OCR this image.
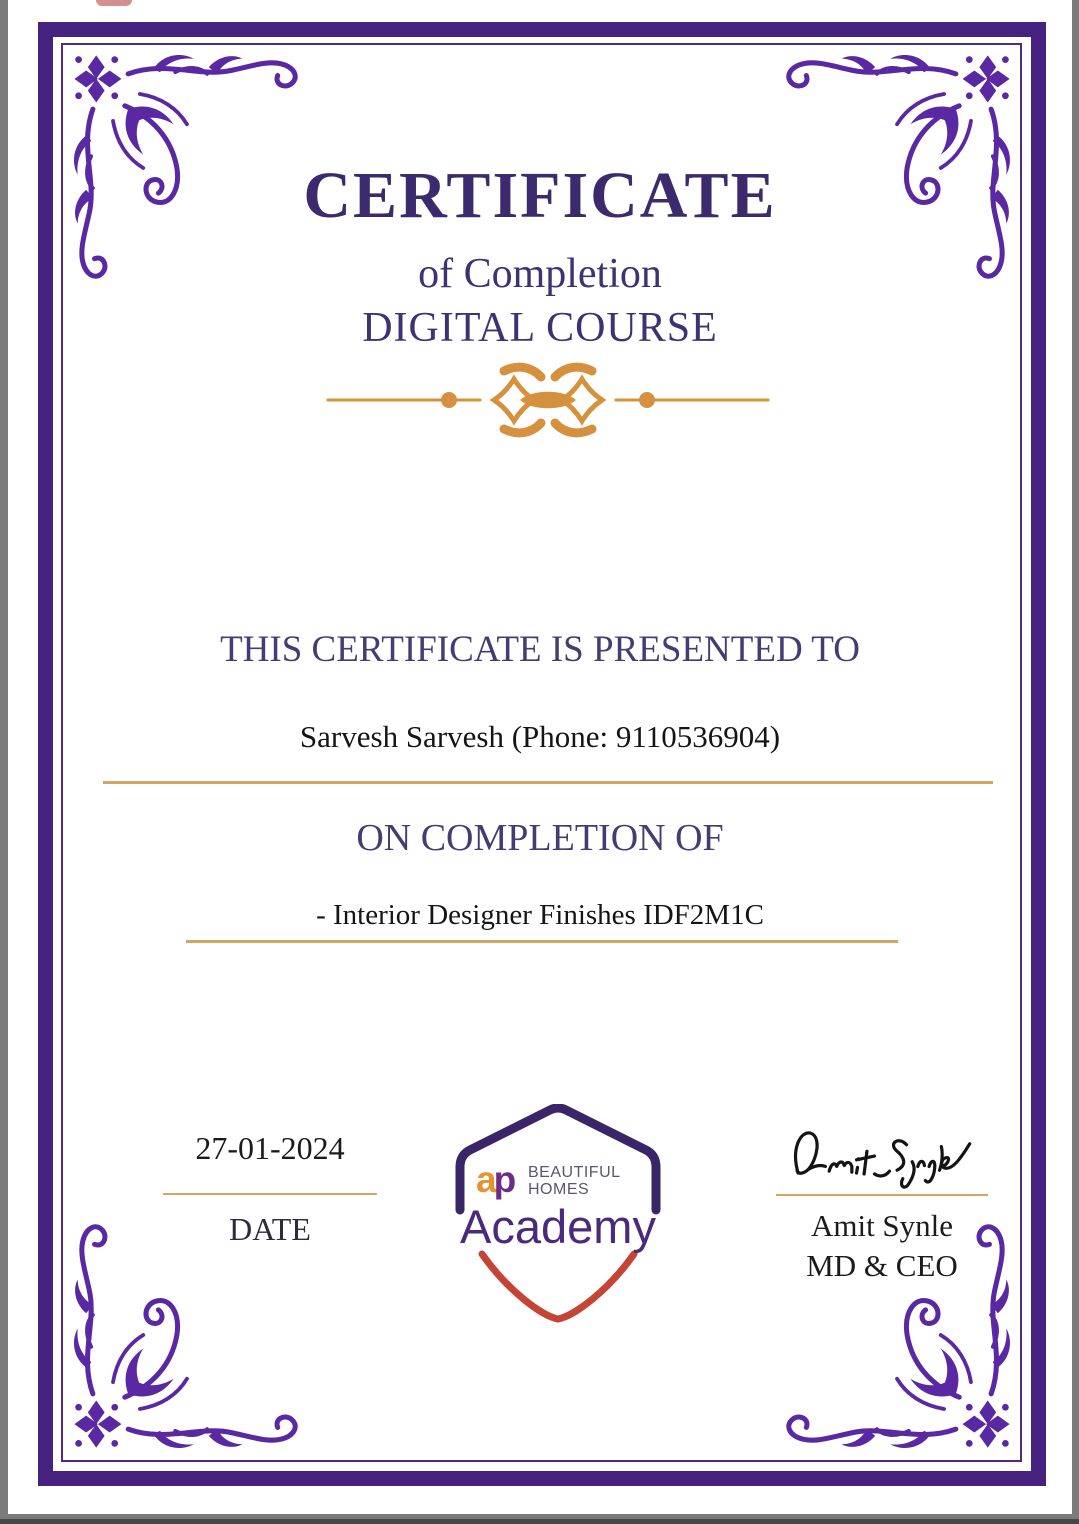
CERTIFICATE
of Completion
DIGITAL COURSE
THIS CERTIFICATE IS PRESENTED TO
Sarvesh Sarvesh (Phone: 9110536904)
ON COMPLETION OF
- Interior Designer Finishes IDF2M1C
27-01-2024
DATE
ap BEAUTIFUL
HOMES
Academy	Amit Synle
MD & CEO
